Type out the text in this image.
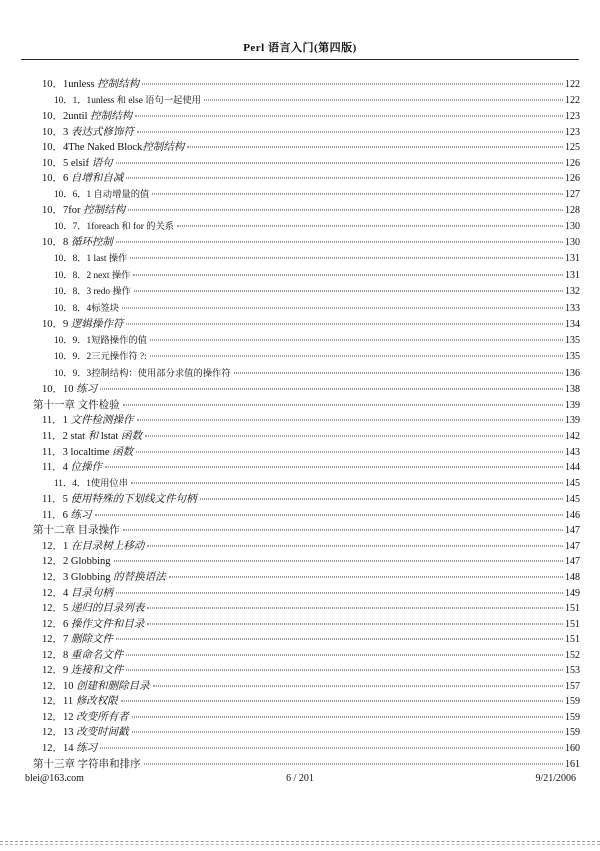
Perl 语言入门(第四版)
10．1unless 控制结构	122
10．1．1unless 和 else 语句一起使用	122
10．2until 控制结构	123
10．3 表达式修饰符	123
10．4The Naked Block控制结构	125
10．5 elsif 语句	126
10．6 自增和自减	126
10．6．1 自动增量的值	127
10．7for 控制结构	128
10．7．1foreach 和 for 的关系	130
10．8 循环控制	130
10．8．1 last 操作	131
10．8．2 next 操作	131
10．8．3 redo 操作	132
10．8．4标签块	133
10．9 逻辑操作符	134
10．9．1短路操作的值	135
10．9．2三元操作符 ?:	135
10．9．3控制结构：使用部分求值的操作符	136
10．10 练习	138
第十一章 文件检验	139
11．1 文件检测操作	139
11．2 stat 和 lstat 函数	142
11．3 localtime 函数	143
11．4 位操作	144
11．4．1使用位串	145
11．5 使用特殊的下划线文件句柄	145
11．6 练习	146
第十二章 目录操作	147
12．1 在目录树上移动	147
12．2 Globbing	147
12．3 Globbing 的替换语法	148
12．4 目录句柄	149
12．5 递归的目录列表	151
12．6 操作文件和目录	151
12．7 删除文件	151
12．8 重命名文件	152
12．9 连接和文件	153
12．10 创建和删除目录	157
12．11 修改权限	159
12．12 改变所有者	159
12．13 改变时间戳	159
12．14 练习	160
第十三章 字符串和排序	161
6 / 201
blei@163.com	9/21/2006
